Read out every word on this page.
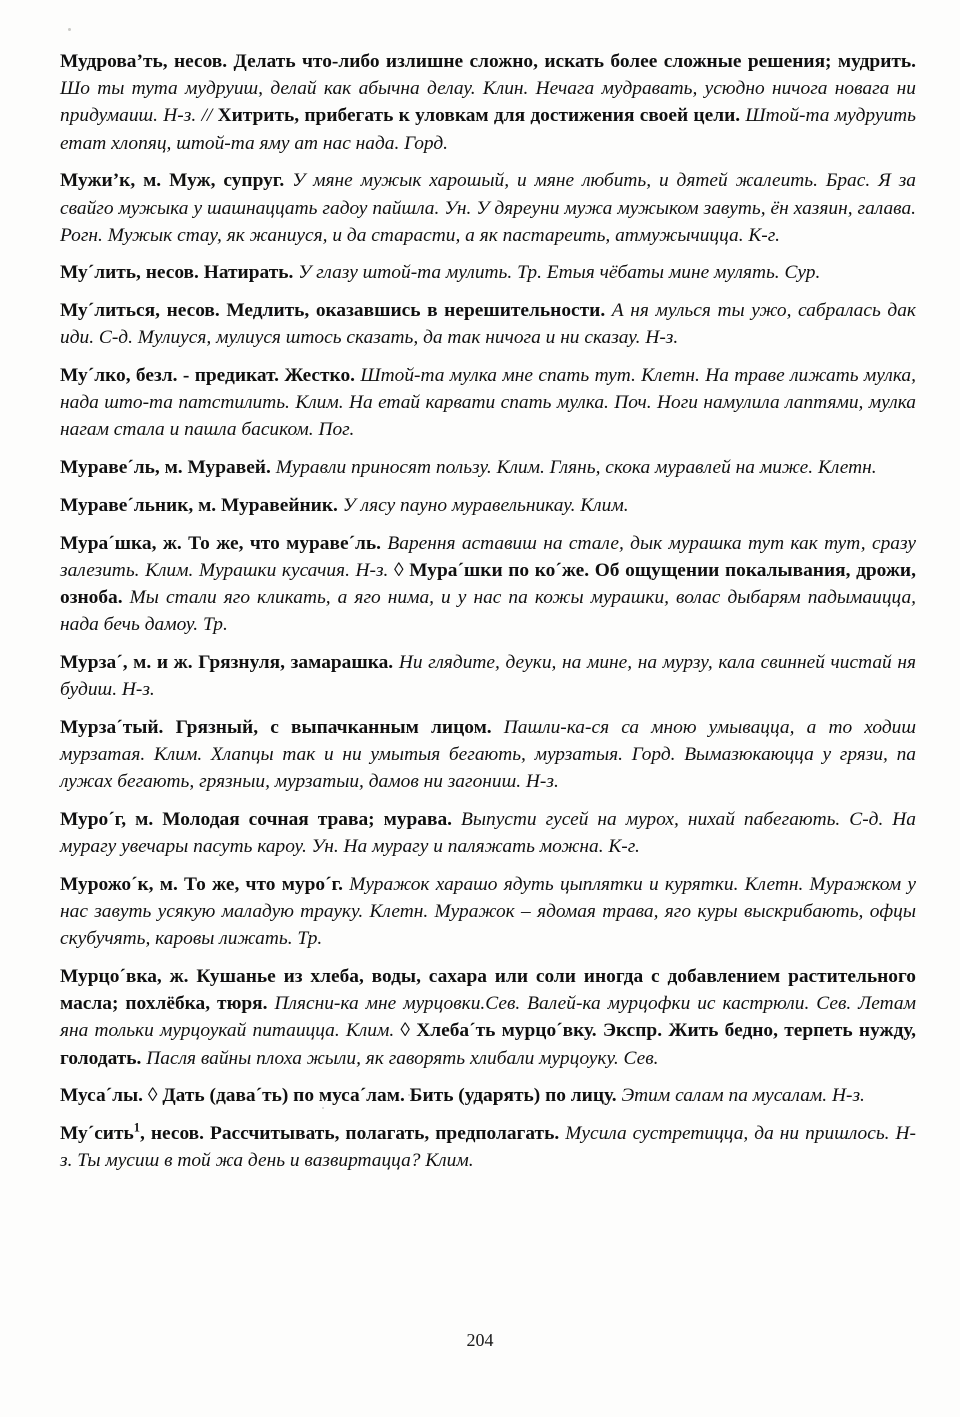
Мудрова’ть, несов. Делать что-либо излишне сложно, искать более сложные решения; мудрить. Шо ты тута мудруиш, делай как абычна делау. Клин. Нечага мудравать, усюдно ничога новага ни придумаиш. Н-з. // Хитрить, прибегать к уловкам для достижения своей цели. Штой-та мудруить етат хлопяц, штой-та яму ат нас нада. Горд.

Мужи’к, м. Муж, супруг. У мяне мужык харошый, и мяне любить, и дятей жалеить. Брас. Я за свайго мужыка у шашнаццать гадоу пайшла. Ун. У дяреуни мужа мужыком завуть, ён хазяин, галава. Рогн. Мужык стау, як жаниуся, и да старасти, а як пастареить, атмужычицца. К-г.

Му´лить, несов. Натирать. У глазу штой-та мулить. Тр. Етыя чёбаты мине мулять. Сур.

Му´литься, несов. Медлить, оказавшись в нерешительности. А ня мулься ты ужо, сабралась дак иди. С-д. Мулиуся, мулиуся штось сказать, да так ничога и ни сказау. Н-з.

Му´лко, безл. - предикат. Жестко. Штой-та мулка мне спать тут. Клетн. На траве лижать мулка, нада што-та патстилить. Клим. На етай карвати спать мулка. Поч. Ноги намулила лаптями, мулка нагам стала и пашла басиком. Пог.

Мураве´ль, м. Муравей. Муравли приносят пользу. Клим. Глянь, скока муравлей на миже. Клетн.

Мураве´льник, м. Муравейник. У лясу пауно муравельникау. Клим.

Мура´шка, ж. То же, что мураве´ль. Варення аставиш на стале, дык мурашка тут как тут, сразу залезить. Клим. Мурашки кусачия. Н-з. ◊ Мура´шки по ко´же. Об ощущении покалывания, дрожи, озноба. Мы стали яго кликать, а яго нима, и у нас па кожы мурашки, волас дыбарям падымаицца, нада бечь дамоу. Тр.

Мурза´, м. и ж. Грязнуля, замарашка. Ни глядите, деуки, на мине, на мурзу, кала свинней чистай ня будиш. Н-з.

Мурза´тый. Грязный, с выпачканным лицом. Пашли-ка-ся са мною умывацца, а то ходиш мурзатая. Клим. Хлапцы так и ни умытыя бегають, мурзатыя. Горд. Вымазюкаюцца у грязи, па лужах бегають, грязныи, мурзатыи, дамов ни загониш. Н-з.

Муро´г, м. Молодая сочная трава; мурава. Выпусти гусей на мурох, нихай пабегають. С-д. На мурагу увечары пасуть кароу. Ун. На мурагу и паляжать можна. К-г.

Мурожо´к, м. То же, что муро´г. Муражок харашо ядуть цыплятки и курятки. Клетн. Муражком у нас завуть усякую маладую трауку. Клетн. Муражок – ядомая трава, яго куры выскрибають, офцы скубучять, каровы лижать. Тр.

Мурцо´вка, ж. Кушанье из хлеба, воды, сахара или соли иногда с добавлением растительного масла; похлёбка, тюря. Плясни-ка мне мурцовки.Сев. Валей-ка мурцофки ис кастрюли. Сев. Летам яна тольки мурцоукай питаицца. Клим. ◊ Хлеба´ть мурцо´вку. Экспр. Жить бедно, терпеть нужду, голодать. Пасля вайны плоха жыли, як гаворять хлибали мурцоуку. Сев.

Муса´лы. ◊ Дать (дава´ть) по муса´лам. Бить (ударять) по лицу. Этим салам па мусалам. Н-з.

Му´сить$^1$, несов. Рассчитывать, полагать, предполагать. Мусила сустретицца, да ни пришлось. Н-з. Ты мусиш в той жа день и вазвиртацца? Клим.

204
